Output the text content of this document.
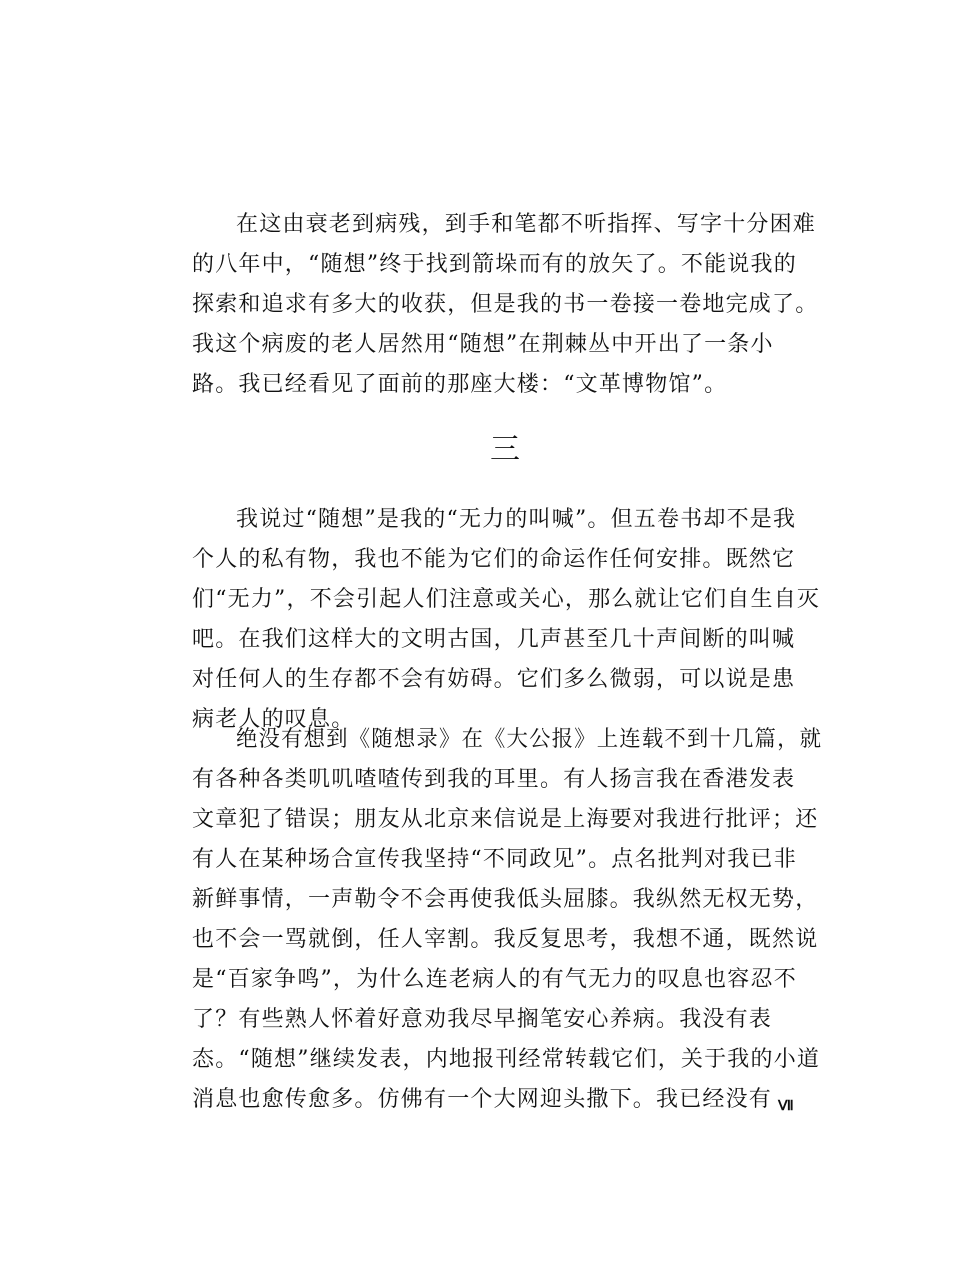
在这由衰老到病残，到手和笔都不听指挥、写字十分困难
的八年中，“随想”终于找到箭垛而有的放矢了。不能说我的
探索和追求有多大的收获，但是我的书一卷接一卷地完成了。
我这个病废的老人居然用“随想”在荆棘丛中开出了一条小
路。我已经看见了面前的那座大楼：“文革博物馆”。
三
我说过“随想”是我的“无力的叫喊”。但五卷书却不是我
个人的私有物，我也不能为它们的命运作任何安排。既然它
们“无力”，不会引起人们注意或关心，那么就让它们自生自灭
吧。在我们这样大的文明古国，几声甚至几十声间断的叫喊
对任何人的生存都不会有妨碍。它们多么微弱，可以说是患
病老人的叹息。
绝没有想到《随想录》在《大公报》上连载不到十几篇，就
有各种各类叽叽喳喳传到我的耳里。有人扬言我在香港发表
文章犯了错误；朋友从北京来信说是上海要对我进行批评；还
有人在某种场合宣传我坚持“不同政见”。点名批判对我已非
新鲜事情，一声勒令不会再使我低头屈膝。我纵然无权无势，
也不会一骂就倒，任人宰割。我反复思考，我想不通，既然说
是“百家争鸣”，为什么连老病人的有气无力的叹息也容忍不
了？有些熟人怀着好意劝我尽早搁笔安心养病。我没有表
态。“随想”继续发表，内地报刊经常转载它们，关于我的小道
消息也愈传愈多。仿佛有一个大网迎头撒下。我已经没有 Ⅶ
